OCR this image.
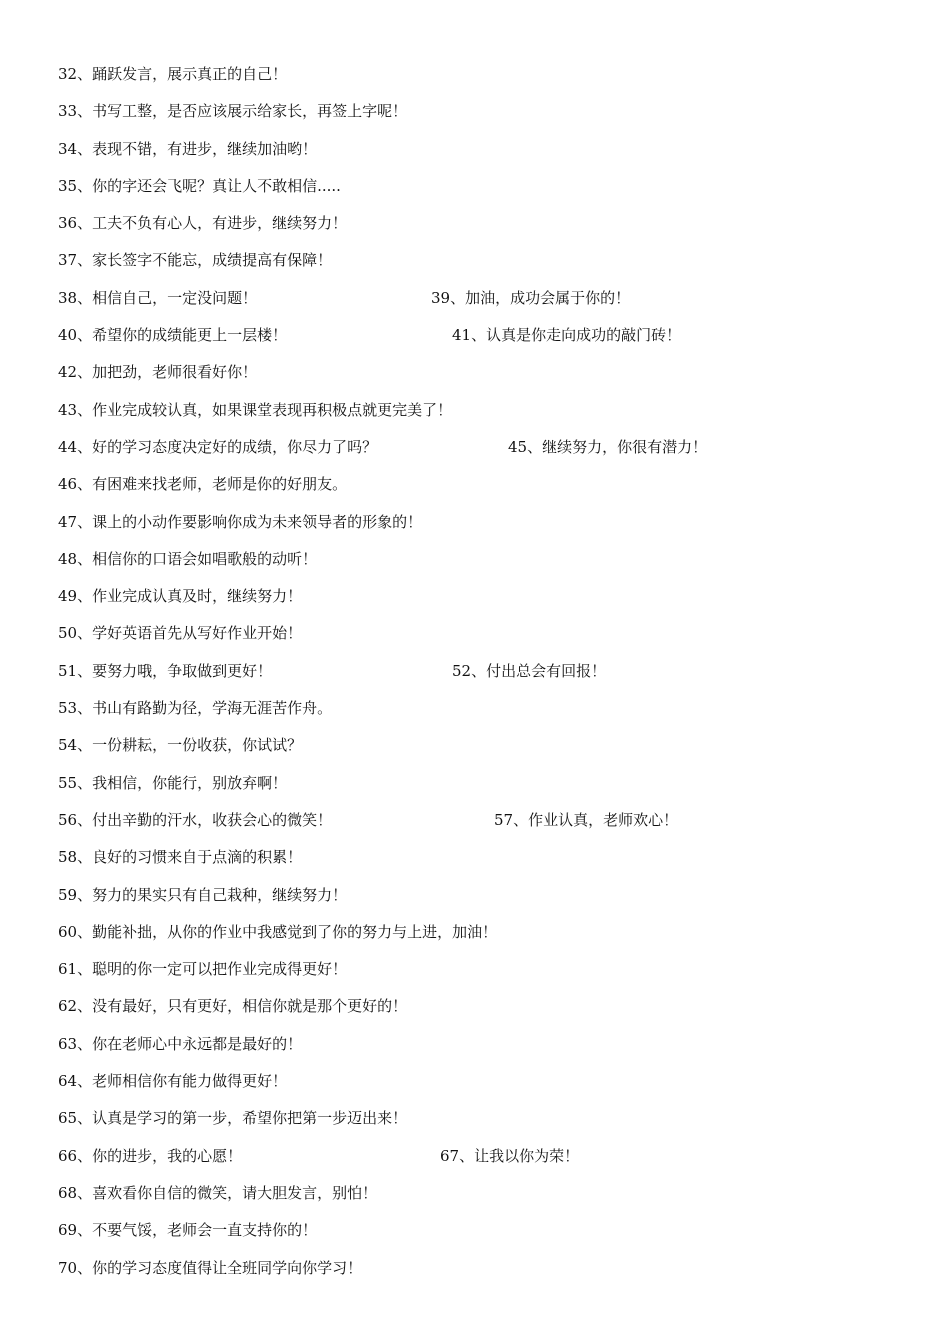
32、踊跃发言，展示真正的自己！
33、书写工整，是否应该展示给家长，再签上字呢！
34、表现不错，有进步，继续加油哟！
35、你的字还会飞呢？真让人不敢相信.....
36、工夫不负有心人，有进步，继续努力！
37、家长签字不能忘，成绩提高有保障！
38、相信自己，一定没问题！	39、加油，成功会属于你的！
40、希望你的成绩能更上一层楼！	41、认真是你走向成功的敲门砖！
42、加把劲，老师很看好你！
43、作业完成较认真，如果课堂表现再积极点就更完美了！
44、好的学习态度决定好的成绩，你尽力了吗？	45、继续努力，你很有潜力！
46、有困难来找老师，老师是你的好朋友。
47、课上的小动作要影响你成为未来领导者的形象的！
48、相信你的口语会如唱歌般的动听！
49、作业完成认真及时，继续努力！
50、学好英语首先从写好作业开始！
51、要努力哦，争取做到更好！	52、付出总会有回报！
53、书山有路勤为径，学海无涯苦作舟。
54、一份耕耘，一份收获，你试试？
55、我相信，你能行，别放弃啊！
56、付出辛勤的汗水，收获会心的微笑！	57、作业认真，老师欢心！
58、良好的习惯来自于点滴的积累！
59、努力的果实只有自己栽种，继续努力！
60、勤能补拙，从你的作业中我感觉到了你的努力与上进，加油！
61、聪明的你一定可以把作业完成得更好！
62、没有最好，只有更好，相信你就是那个更好的！
63、你在老师心中永远都是最好的！
64、老师相信你有能力做得更好！
65、认真是学习的第一步，希望你把第一步迈出来！
66、你的进步，我的心愿！	67、让我以你为荣！
68、喜欢看你自信的微笑，请大胆发言，别怕！
69、不要气馁，老师会一直支持你的！
70、你的学习态度值得让全班同学向你学习！
